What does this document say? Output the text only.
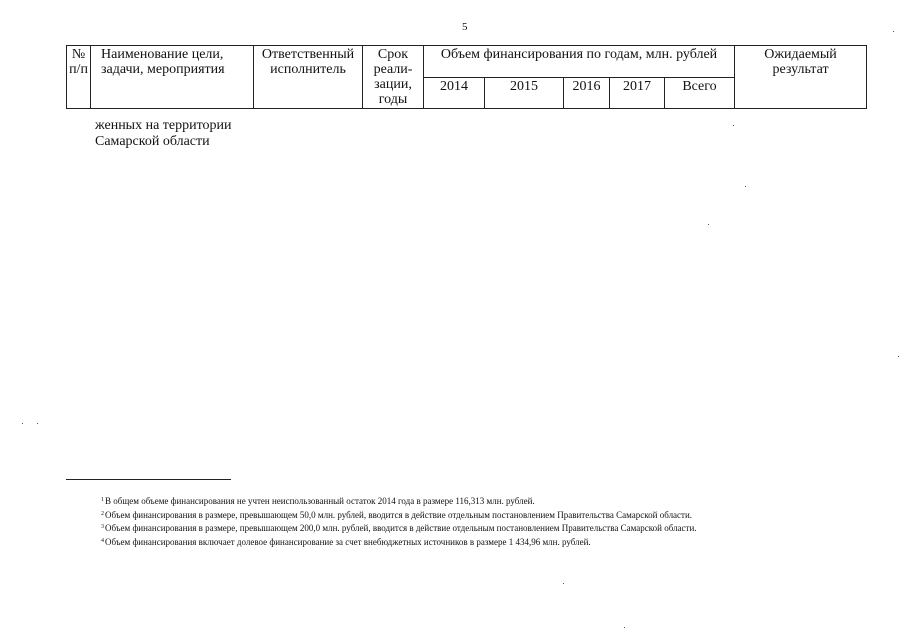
5
№ п/п	Наименование цели, задачи, мероприятия	Ответственный исполнитель	Срок реали-зации, годы	Объем финансирования по годам, млн. рублей					Ожидаемый результат
				2014	2015	2016	2017	Всего	
женных на территории
Самарской области
$^1$В общем объеме финансирования не учтен неиспользованный остаток 2014 года в размере 116,313 млн. рублей.
$^2$Объем финансирования в размере, превышающем 50,0 млн. рублей, вводится в действие отдельным постановлением Правительства Самарской области.
$^3$Объем финансирования в размере, превышающем 200,0 млн. рублей, вводится в действие отдельным постановлением Правительства Самарской области.
$^4$Объем финансирования включает долевое финансирование за счет внебюджетных источников в размере 1 434,96 млн. рублей.
